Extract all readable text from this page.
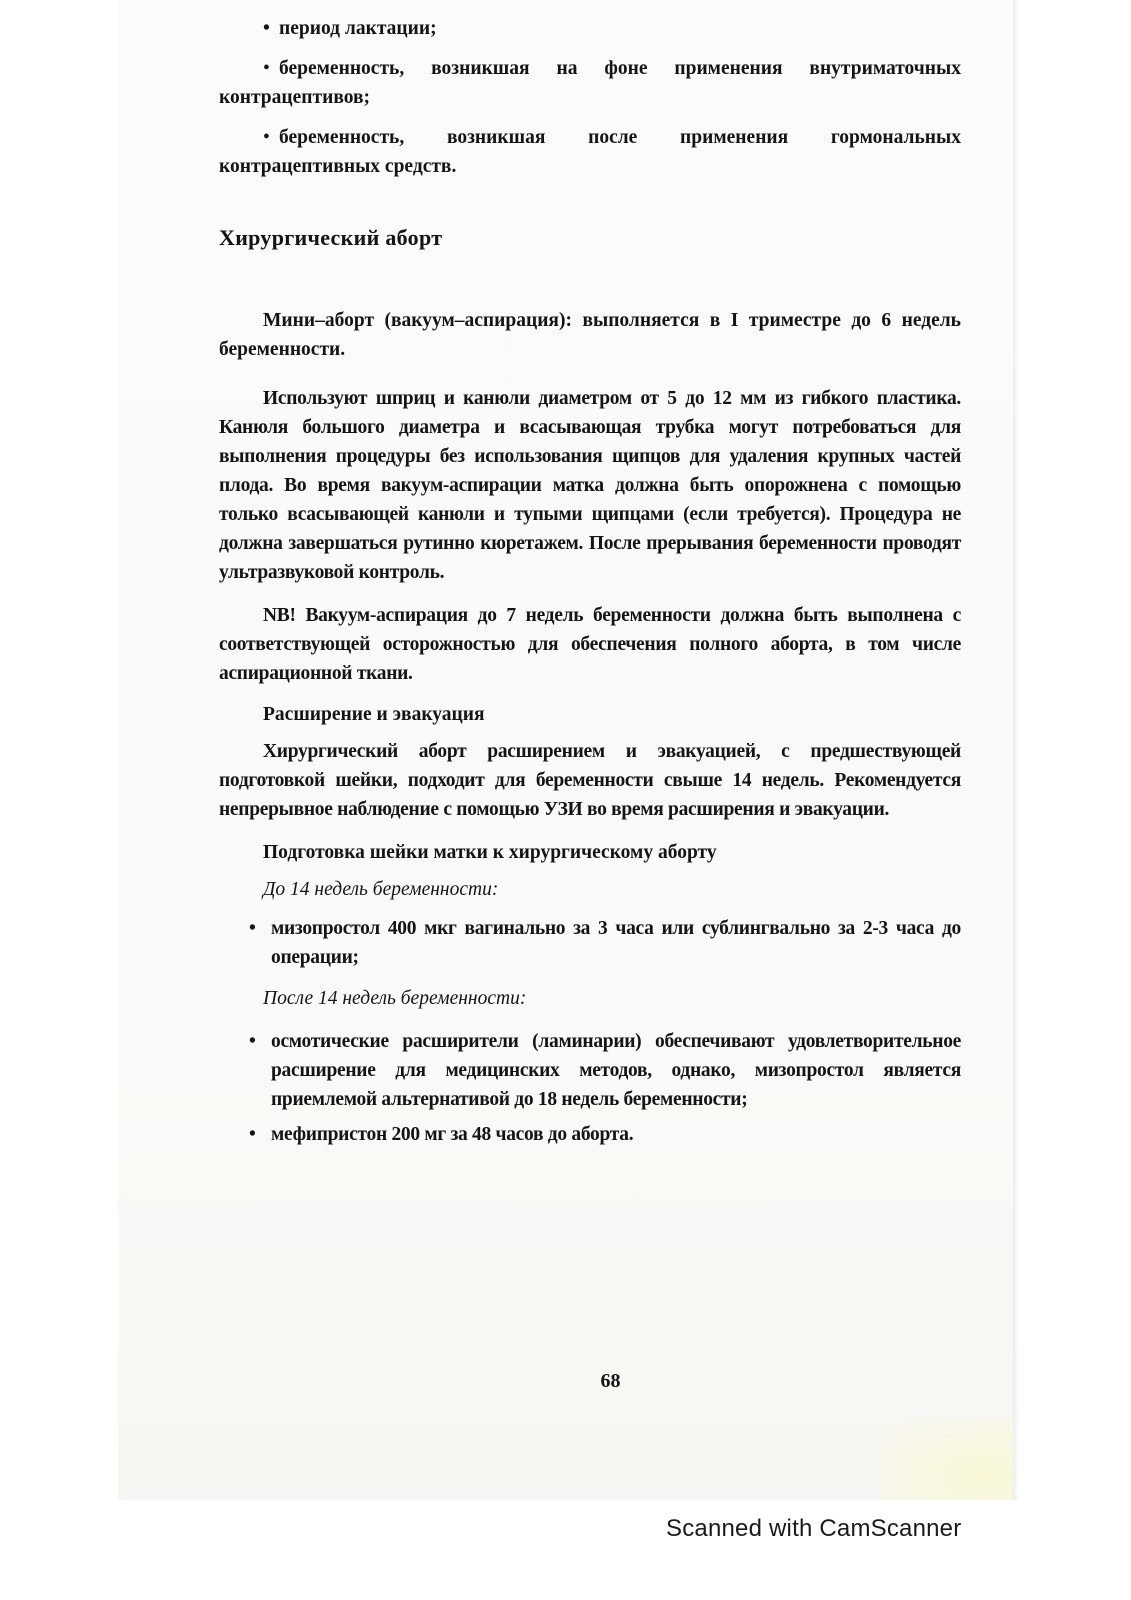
• период лактации;

• беременность, возникшая на фоне применения внутриматочных контрацептивов;

• беременность, возникшая после применения гормональных контрацептивных средств.

Хирургический аборт

Мини–аборт (вакуум–аспирация): выполняется в I триместре до 6 недель беременности.

Используют шприц и канюли диаметром от 5 до 12 мм из гибкого пластика. Канюля большого диаметра и всасывающая трубка могут потребоваться для выполнения процедуры без использования щипцов для удаления крупных частей плода. Во время вакуум-аспирации матка должна быть опорожнена с помощью только всасывающей канюли и тупыми щипцами (если требуется). Процедура не должна завершаться рутинно кюретажем. После прерывания беременности проводят ультразвуковой контроль.

NB! Вакуум-аспирация до 7 недель беременности должна быть выполнена с соответствующей осторожностью для обеспечения полного аборта, в том числе аспирационной ткани.

Расширение и эвакуация

Хирургический аборт расширением и эвакуацией, с предшествующей подготовкой шейки, подходит для беременности свыше 14 недель. Рекомендуется непрерывное наблюдение с помощью УЗИ во время расширения и эвакуации.

Подготовка шейки матки к хирургическому аборту

До 14 недель беременности:

• мизопростол 400 мкг вагинально за 3 часа или сублингвально за 2-3 часа до операции;

После 14 недель беременности:

• осмотические расширители (ламинарии) обеспечивают удовлетворительное расширение для медицинских методов, однако, мизопростол является приемлемой альтернативой до 18 недель беременности;
• мефипристон 200 мг за 48 часов до аборта.
68
Scanned with CamScanner
